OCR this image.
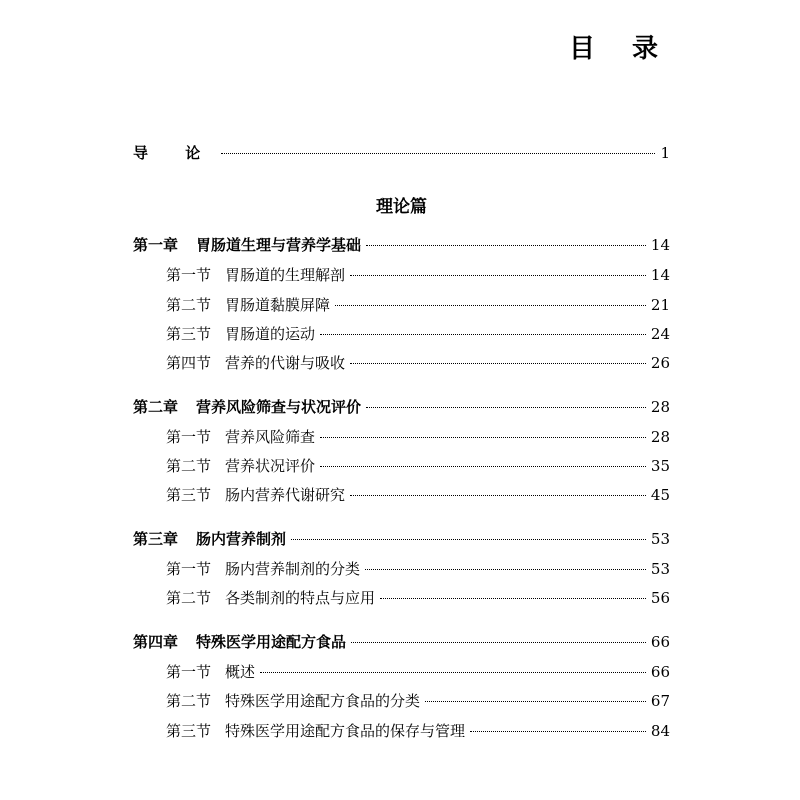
目 录
导 论	1
理论篇
第一章 胃肠道生理与营养学基础	14
第一节 胃肠道的生理解剖	14
第二节 胃肠道黏膜屏障	21
第三节 胃肠道的运动	24
第四节 营养的代谢与吸收	26
第二章 营养风险筛查与状况评价	28
第一节 营养风险筛查	28
第二节 营养状况评价	35
第三节 肠内营养代谢研究	45
第三章 肠内营养制剂	53
第一节 肠内营养制剂的分类	53
第二节 各类制剂的特点与应用	56
第四章 特殊医学用途配方食品	66
第一节 概述	66
第二节 特殊医学用途配方食品的分类	67
第三节 特殊医学用途配方食品的保存与管理	84
